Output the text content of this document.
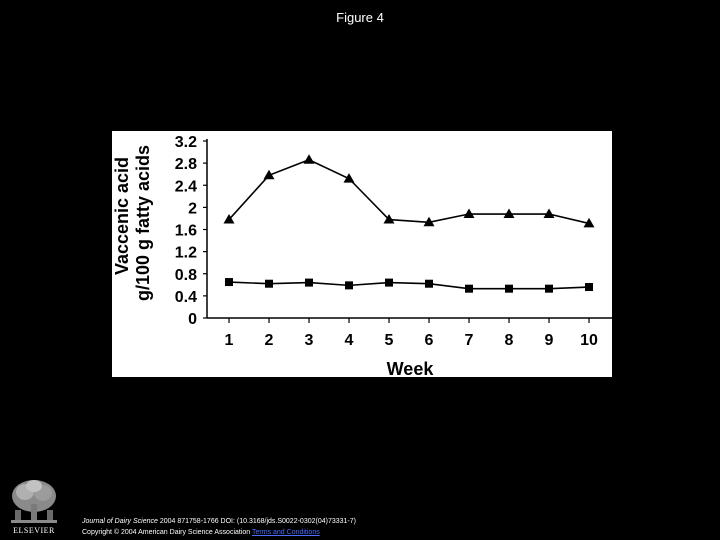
Figure 4
0
0.4
0.8
1.2
1.6
2
2.4
2.8
3.2
1 2 3 4 5 6 7 8 9 10
Vaccenic acid g/100 g fatty acids
Week
ELSEVIER
Journal of Dairy Science 2004 871758-1766 DOI: (10.3168/jds.S0022-0302(04)73331-7)
Copyright © 2004 American Dairy Science Association Terms and Conditions
